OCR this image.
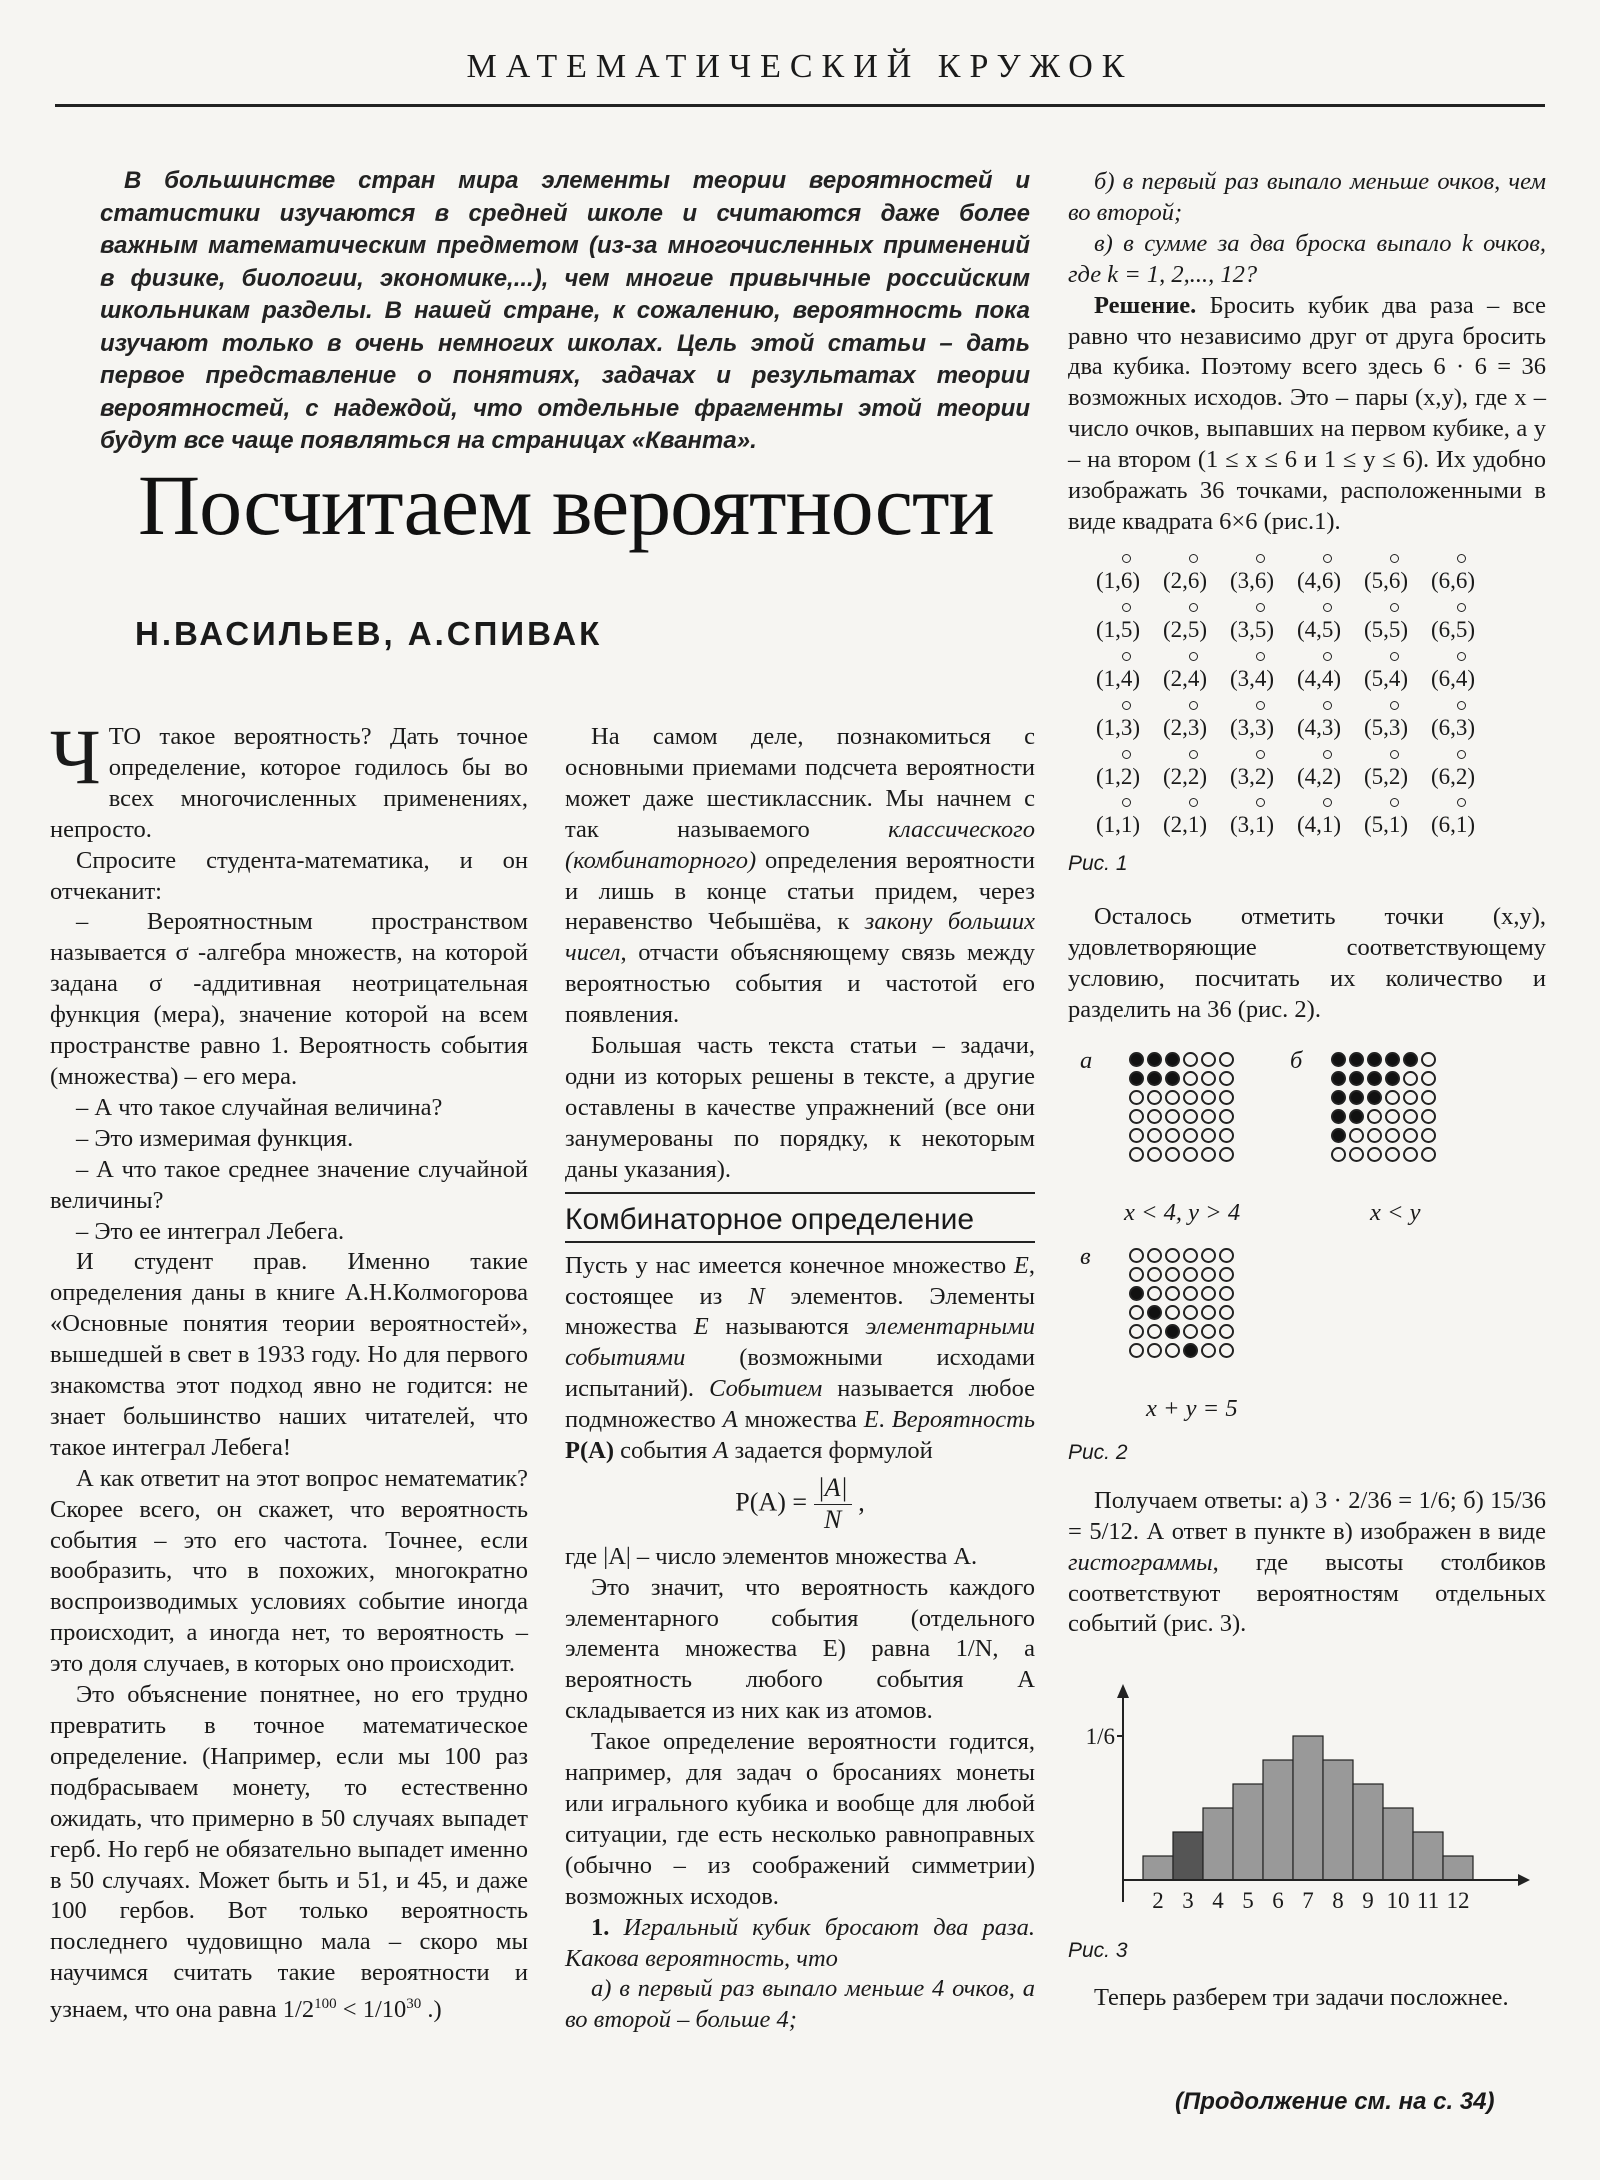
МАТЕМАТИЧЕСКИЙ КРУЖОК
В большинстве стран мира элементы теории вероятностей и статистики изучаются в средней школе и считаются даже более важным математическим предметом (из-за многочисленных применений в физике, биологии, экономике,...), чем многие привычные российским школьникам разделы. В нашей стране, к сожалению, вероятность пока изучают только в очень немногих школах. Цель этой статьи – дать первое представление о понятиях, задачах и результатах теории вероятностей, с надеждой, что отдельные фрагменты этой теории будут все чаще появляться на страницах «Кванта».
Посчитаем вероятности
Н.ВАСИЛЬЕВ, А.СПИВАК

ЧТО такое вероятность? Дать точное определение, которое годилось бы во всех многочисленных применениях, непросто.

Спросите студента-математика, и он отчеканит:

– Вероятностным пространством называется σ -алгебра множеств, на которой задана σ -аддитивная неотрицательная функция (мера), значение которой на всем пространстве равно 1. Вероятность события (множества) – его мера.

– А что такое случайная величина?

– Это измеримая функция.

– А что такое среднее значение случайной величины?

– Это ее интеграл Лебега.

И студент прав. Именно такие определения даны в книге А.Н.Колмогорова «Основные понятия теории вероятностей», вышедшей в свет в 1933 году. Но для первого знакомства этот подход явно не годится: не знает большинство наших читателей, что такое интеграл Лебега!

А как ответит на этот вопрос нематематик? Скорее всего, он скажет, что вероятность события – это его частота. Точнее, если вообразить, что в похожих, многократно воспроизводимых условиях событие иногда происходит, а иногда нет, то вероятность – это доля случаев, в которых оно происходит.

Это объяснение понятнее, но его трудно превратить в точное математическое определение. (Например, если мы 100 раз подбрасываем монету, то естественно ожидать, что примерно в 50 случаях выпадет герб. Но герб не обязательно выпадет именно в 50 случаях. Может быть и 51, и 45, и даже 100 гербов. Вот только вероятность последнего чудовищно мала – скоро мы научимся считать такие вероятности и узнаем, что она равна $1/2^{100} < 1/10^{30}$ .)

На самом деле, познакомиться с основными приемами подсчета вероятности может даже шестиклассник. Мы начнем с так называемого классического (комбинаторного) определения вероятности и лишь в конце статьи придем, через неравенство Чебышёва, к закону больших чисел, отчасти объясняющему связь между вероятностью события и частотой его появления.

Большая часть текста статьи – задачи, одни из которых решены в тексте, а другие оставлены в качестве упражнений (все они занумерованы по порядку, к некоторым даны указания).

Комбинаторное определение

Пусть у нас имеется конечное множество E, состоящее из N элементов. Элементы множества E называются элементарными событиями (возможными исходами испытаний). Событием называется любое подмножество A множества E. Вероятность P(A) события A задается формулой

$P(A) = \frac{|A|}{N}$ ,

где |A| – число элементов множества A.

Это значит, что вероятность каждого элементарного события (отдельного элемента множества E) равна 1/N, а вероятность любого события A складывается из них как из атомов.

Такое определение вероятности годится, например, для задач о бросаниях монеты или игрального кубика и вообще для любой ситуации, где есть несколько равноправных (обычно – из соображений симметрии) возможных исходов.

1. Игральный кубик бросают два раза. Какова вероятность, что

а) в первый раз выпало меньше 4 очков, а во второй – больше 4;

б) в первый раз выпало меньше очков, чем во второй;

в) в сумме за два броска выпало k очков, где k = 1, 2,..., 12?

Решение. Бросить кубик два раза – все равно что независимо друг от друга бросить два кубика. Поэтому всего здесь 6 · 6 = 36 возможных исходов. Это – пары (x,y), где x – число очков, выпавших на первом кубике, а y – на втором (1 ≤ x ≤ 6 и 1 ≤ y ≤ 6). Их удобно изображать 36 точками, расположенными в виде квадрата 6×6 (рис.1).

(1,6) (2,6) (3,6) (4,6) (5,6) (6,6)
(1,5) (2,5) (3,5) (4,5) (5,5) (6,5)
(1,4) (2,4) (3,4) (4,4) (5,4) (6,4)
(1,3) (2,3) (3,3) (4,3) (5,3) (6,3)
(1,2) (2,2) (3,2) (4,2) (5,2) (6,2)
(1,1) (2,1) (3,1) (4,1) (5,1) (6,1)
Рис. 1

Осталось отметить точки (x,y), удовлетворяющие соответствующему условию, посчитать их количество и разделить на 36 (рис. 2).

а
x < 4, y > 4
б
x < y
в
x + y = 5
Рис. 2

Получаем ответы: а) 3 · 2/36 = 1/6; б) 15/36 = 5/12. А ответ в пункте в) изображен в виде гистограммы, где высоты столбиков соответствуют вероятностям отдельных событий (рис. 3).

2 3 4 5 6 7 8 9 10 11 12
1/6
Рис. 3

Теперь разберем три задачи посложнее.

(Продолжение см. на с. 34)
